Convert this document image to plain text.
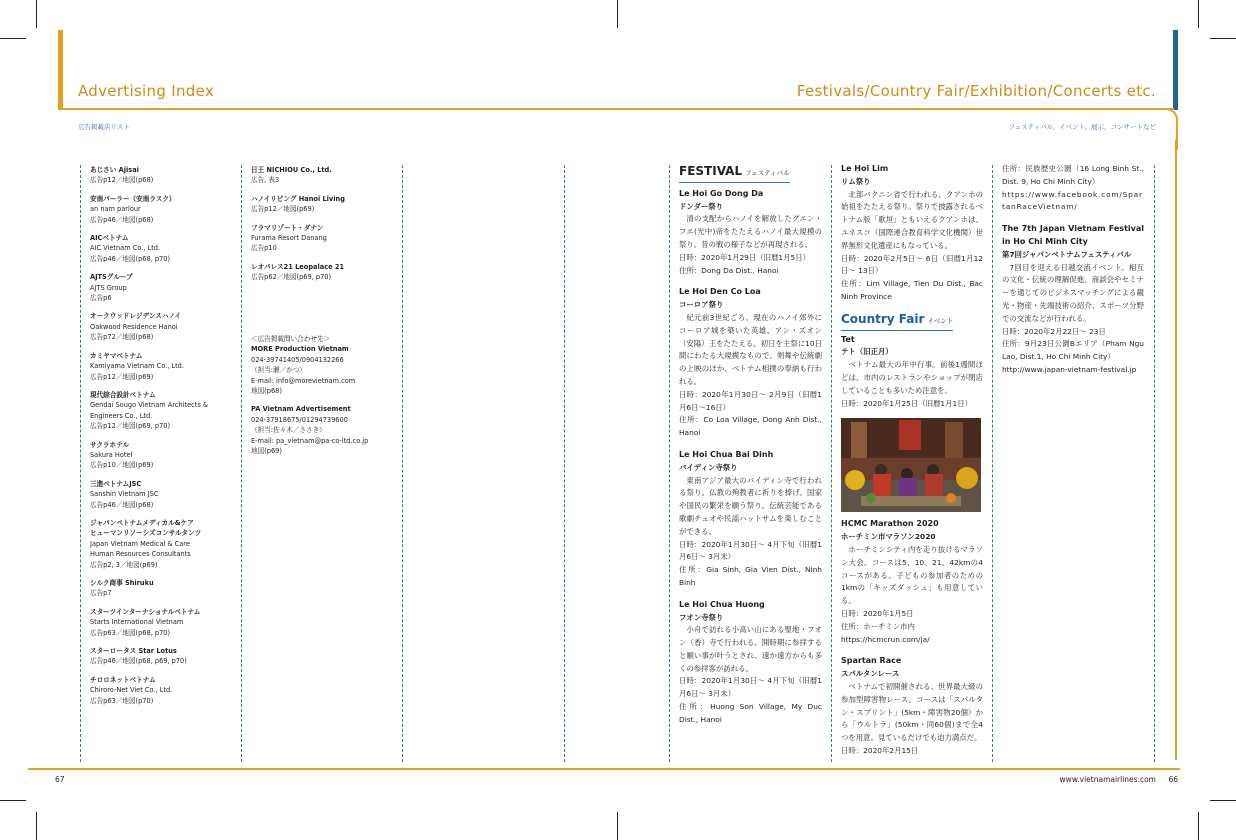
Advertising Index
広告掲載店リスト
Festivals/Country Fair/Exhibition/Concerts etc.
フェスティバル、イベント、展示、コンサートなど
あじさい Ajisai
広告p12／地図(p68)
安南パーラー（安南ラスク）
an nam parlour
広告p46／地図(p68)
AICベトナム
AIC Vietnam Co., Ltd.
広告p46／地図(p68, p70)
AJTSグループ
AJTS Group
広告p6
オークウッドレジデンスハノイ
Oakwood Residence Hanoi
広告p72／地図(p68)
カミヤマベトナム
Kamiyama Vietnam Co., Ltd.
広告p12／地図(p69)
現代綜合設計ベトナム
Gendai Sougo Vietnam Architects &
Engineers Co., Ltd.
広告p12／地図(p69, p70)
サクラホテル
Sakura Hotel
広告p10／地図(p69)
三進ベトナムJSC
Sanshin Vietnam JSC
広告p46／地図(p68)
ジャパンベトナムメディカル&ケア
ヒューマンリソーシズコンサルタンツ
Japan Vietnam Medical & Care
Human Resources Consultants
広告p2, 3／地図(p69)
シルク商事 Shiruku
広告p7
スターツインターナショナルベトナム
Starts International Vietnam
広告p63／地図(p68, p70)
スターロータス Star Lotus
広告p46／地図(p68, p69, p70)
チロロネットベトナム
Chiroro-Net Viet Co., Ltd.
広告p63／地図(p70)
日王 NICHIOU Co., Ltd.
広告, 表3
ハノイリビング Hanoi Living
広告p12／地図(p69)
フラマリゾート・ダナン
Furama Resort Danang
広告p10
レオパレス21 Leopalace 21
広告p62／地図(p69, p70)
＜広告掲載問い合わせ先＞
MORE Production Vietnam
024-39741405/0904132266
（担当:瀬／かつ）
E-mail: info@morevietnam.com
地図(p68)
PA Vietnam Advertisement
024-37918675/01294739600
（担当:佐々木／ささき）
E-mail: pa_vietnam@pa-co-ltd.co.jp
地図(p69)
FESTIVAL フェスティバル
Le Hoi Go Dong Da
ドンダー祭り

清の支配からハノイを解放したグエン・フエ(光中)帝をたたえるハノイ最大規模の祭り。昔の戦の様子などが再現される。

日時：2020年1月29日（旧暦1月5日）

住所：Dong Da Dist., Hanoi

Le Hoi Den Co Loa
コーロア祭り

紀元前3世紀ごろ、現在のハノイ郊外にコーロア城を築いた英雄、アン・ズオン（安陽）王をたたえる。初日を主祭に10日間にわたる大規模なもので、剣舞や伝統劇の上映のほか、ベトナム相撲の奉納も行われる。

日時：2020年1月30日～ 2月9日（旧暦1月6日～16日）

住所：Co Loa Village, Dong Anh Dist., Hanoi

Le Hoi Chua Bai Dinh
バイディン寺祭り

東南アジア最大のバイディン寺で行われる祭り。仏教の殉教者に祈りを捧げ、国家や国民の繁栄を願う祭り。伝統芸能である歌劇チェオや民謡ハットサムを楽しむことができる。

日時：2020年1月30日～ 4月下旬（旧暦1月6日～ 3月末）

住所：Gia Sinh, Gia Vien Dist., Ninh Binh

Le Hoi Chua Huong
フオン寺祭り

小舟で訪れる小高い山にある聖地・フオン（香）寺で行われる。開時期に参拝すると願い事が叶うとされ、遠か遠方からも多くの参拝客が訪れる。

日時：2020年1月30日～ 4月下旬（旧暦1月6日～ 3月末）

住所：Huong Son Village, My Duc Dist., Hanoi

Le Hoi Lim
リム祭り

北部バクニン省で行われる、クアンホの始祖をたたえる祭り。祭りで披露されるベトナム版「歌垣」ともいえるクアンホは、ユネスコ（国際連合教育科学文化機関）世界無形文化遺産にもなっている。

日時：2020年2月5日～ 6日（旧暦1月12日～ 13日）

住所：Lim Village, Tien Du Dist., Bac Ninh Province

Country Fair イベント
Tet
テト（旧正月）

ベトナム最大の年中行事。前後1週間ほどは、市内のレストランやショップが閉店していることも多いため注意を。

日時：2020年1月25日（旧暦1月1日）

HCMC Marathon 2020
ホーチミン市マラソン2020

ホーチミンシティ内を走り抜けるマラソン大会。コースは5、10、21、42kmの4コースがある。子どもの参加者のための1kmの「キッズダッシュ」も用意している。

日時：2020年1月5日

住所：ホーチミン市内

https://hcmcrun.com/ja/

Spartan Race
スパルタンレース

ベトナムで初開催される、世界最大級の参加型障害物レース。コースは「スパルタン・スプリント」(5km・障害物20個）から「ウルトラ」(50km・同60個)まで全4つを用意。見ているだけでも迫力満点だ。

日時：2020年2月15日

住所：民族歴史公園（16 Long Binh St., Dist. 9, Ho Chi Minh City）

https://www.facebook.com/SpartanRaceVietnam/

The 7th Japan Vietnam Festival in Ho Chi Minh City
第7回ジャパンベトナムフェスティバル

7回目を迎える日越交流イベント。相互の文化・伝統の理解促進、商談会やセミナーを通じてのビジネスマッチングによる観光・物産・先端技術の紹介、スポーツ分野での交流などが行われる。

日時：2020年2月22日～ 23日

住所：9月23日公園Bエリア（Pham Ngu Lao, Dist.1, Ho Chi Minh City）

http://www.japan-vietnam-festival.jp

67	www.vietnamairlines.com 66
